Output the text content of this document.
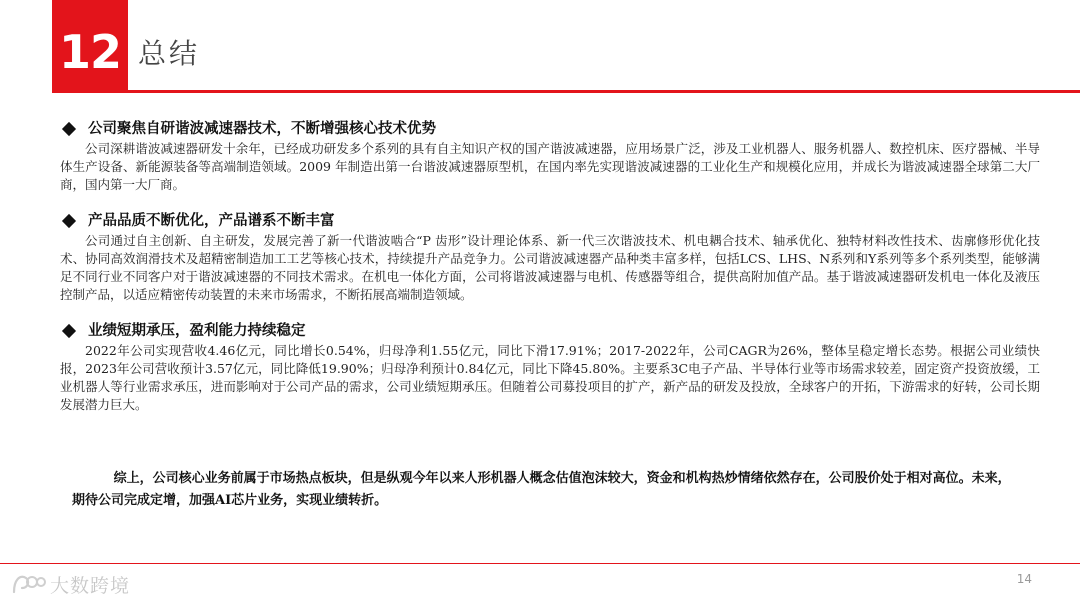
12 总结
公司聚焦自研谐波减速器技术，不断增强核心技术优势
公司深耕谐波减速器研发十余年，已经成功研发多个系列的具有自主知识产权的国产谐波减速器，应用场景广泛，涉及工业机器人、服务机器人、数控机床、医疗器械、半导体生产设备、新能源装备等高端制造领域。2009 年制造出第一台谐波减速器原型机，在国内率先实现谐波减速器的工业化生产和规模化应用，并成长为谐波减速器全球第二大厂商，国内第一大厂商。
产品品质不断优化，产品谱系不断丰富
公司通过自主创新、自主研发，发展完善了新一代谐波啮合“P 齿形”设计理论体系、新一代三次谐波技术、机电耦合技术、轴承优化、独特材料改性技术、齿廓修形优化技术、协同高效润滑技术及超精密制造加工工艺等核心技术，持续提升产品竞争力。公司谐波减速器产品种类丰富多样，包括LCS、LHS、N系列和Y系列等多个系列类型，能够满足不同行业不同客户对于谐波减速器的不同技术需求。在机电一体化方面，公司将谐波减速器与电机、传感器等组合，提供高附加值产品。基于谐波减速器研发机电一体化及液压控制产品，以适应精密传动装置的未来市场需求，不断拓展高端制造领域。
业绩短期承压，盈利能力持续稳定
2022年公司实现营收4.46亿元，同比增长0.54%，归母净利1.55亿元，同比下滑17.91%；2017-2022年，公司CAGR为26%，整体呈稳定增长态势。根据公司业绩快报，2023年公司营收预计3.57亿元，同比降低19.90%；归母净利预计0.84亿元，同比下降45.80%。主要系3C电子产品、半导体行业等市场需求较差，固定资产投资放缓，工业机器人等行业需求承压，进而影响对于公司产品的需求，公司业绩短期承压。但随着公司募投项目的扩产，新产品的研发及投放，全球客户的开拓，下游需求的好转，公司长期发展潜力巨大。
综上，公司核心业务前属于市场热点板块，但是纵观今年以来人形机器人概念估值泡沫较大，资金和机构热炒情绪依然存在，公司股价处于相对高位。未来，期待公司完成定增，加强AI芯片业务，实现业绩转折。
大数跨境	14
